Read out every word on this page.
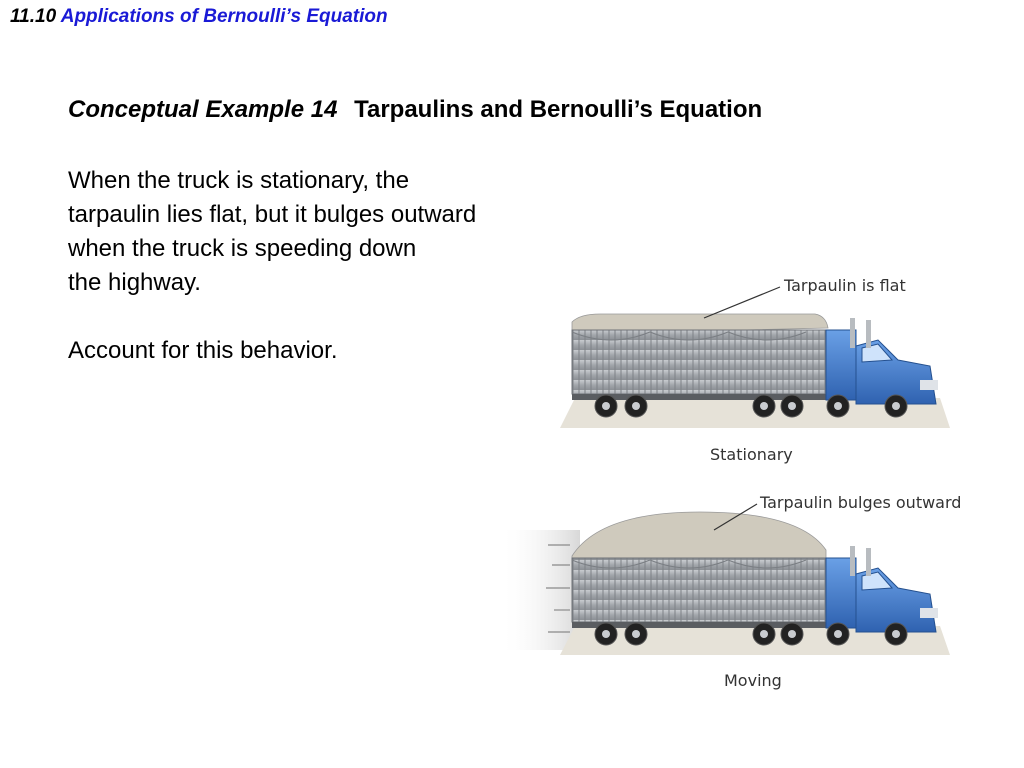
11.10 Applications of Bernoulli’s Equation
Conceptual Example 14 Tarpaulins and Bernoulli’s Equation

When the truck is stationary, the

tarpaulin lies flat, but it bulges outward

when the truck is speeding down

the highway.

Account for this behavior.
Tarpaulin is flat
Stationary
Tarpaulin bulges outward
Moving
